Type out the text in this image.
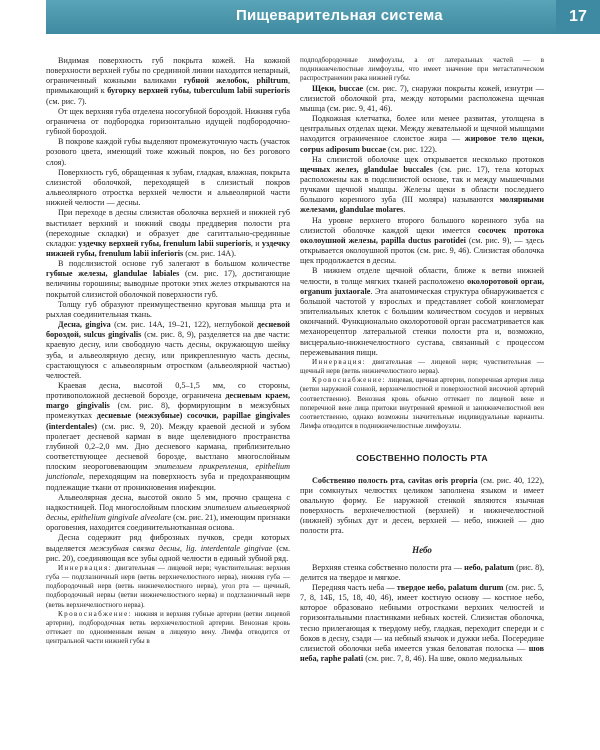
Пищеварительная система	17

Видимая поверхность губ покрыта кожей. На кожной поверхности верхней губы по срединной линии находится непарный, ограниченный кожными валиками губной желобок, philtrum, примыкающий к бугорку верхней губы, tuberculum labii superioris (см. рис. 7).

От щек верхняя губа отделена носогубной бороздой. Нижняя губа ограничена от подбородка горизонтально идущей подбородочно-губной бороздой.

В покрове каждой губы выделяют промежуточную часть (участок розового цвета, имеющий тоже кожный покров, но без рогового слоя).

Поверхность губ, обращенная к зубам, гладкая, влажная, покрыта слизистой оболочкой, переходящей в слизистый покров альвеолярного отростка верхней челюсти и альвеолярной части нижней челюсти — десны.

При переходе в десны слизистая оболочка верхней и нижней губ выстилает верхний и нижний своды преддверия полости рта (переходные складки) и образует две сагиттально-срединные складки: уздечку верхней губы, frenulum labii superioris, и уздечку нижней губы, frenulum labii inferioris (см. рис. 14А).

В подслизистой основе губ залегают в большом количестве губные железы, glandulae labiales (см. рис. 17), достигающие величины горошины; выводные протоки этих желез открываются на покрытой слизистой оболочкой поверхности губ.

Толщу губ образуют преимущественно круговая мышца рта и рыхлая соединительная ткань.

Десна, gingiva (см. рис. 14А, 19–21, 122), неглубокой десневой бороздой, sulcus gingivalis (см. рис. 8, 9), разделяется на две части: краевую десну, или свободную часть десны, окружающую шейку зуба, и альвеолярную десну, или прикрепленную часть десны, срастающуюся с альвеолярным отростком (альвеолярной частью) челюстей.

Краевая десна, высотой 0,5–1,5 мм, со стороны, противоположной десневой борозде, ограничена десневым краем, margo gingivalis (см. рис. 8), формирующим в межзубных промежутках десневые (межзубные) сосочки, papillae gingivales (interdentales) (см. рис. 9, 20). Между краевой десной и зубом пролегает десневой карман в виде щелевидного пространства глубиной 0,2–2,0 мм. Дно десневого кармана, приблизительно соответствующее десневой борозде, выстлано многослойным плоским неороговевающим эпителием прикрепления, epithelium junctionale, переходящим на поверхность зуба и предохраняющим подлежащие ткани от проникновения инфекции.

Альвеолярная десна, высотой около 5 мм, прочно сращена с надкостницей. Под многослойным плоским эпителием альвеолярной десны, epithelium gingivale alveolare (см. рис. 21), имеющим признаки ороговения, находится соединительнотканная основа.

Десна содержит ряд фиброзных пучков, среди которых выделяется межзубная связка десны, lig. interdentale gingivae (см. рис. 20), соединяющая все зубы одной челюсти в единый зубной ряд.

Иннервация: двигательная — лицевой нерв; чувствительная: верхняя губа — подглазничный нерв (ветвь верхнечелюстного нерва), нижняя губа — подбородочный нерв (ветвь нижнечелюстного нерва), угол рта — щечный, подбородочный нервы (ветви нижнечелюстного нерва) и подглазничный нерв (ветвь верхнечелюстного нерва).

Кровоснабжение: нижняя и верхняя губные артерии (ветви лицевой артерии), подбородочная ветвь верхнечелюстной артерии. Венозная кровь оттекает по одноименным венам в лицевую вену. Лимфа отводится от центральной части нижней губы в

подподбородочные лимфоузлы, а от латеральных частей — в поднижнечелюстные лимфоузлы, что имеет значение при метастатическом распространении рака нижней губы.

Щеки, buccae (см. рис. 7), снаружи покрыты кожей, изнутри — слизистой оболочкой рта, между которыми расположена щечная мышца (см. рис. 9, 41, 46).

Подкожная клетчатка, более или менее развитая, утолщена в центральных отделах щеки. Между жевательной и щечной мышцами находится ограниченное слоистое жира — жировое тело щеки, corpus adiposum buccae (см. рис. 122).

На слизистой оболочке щек открывается несколько протоков щечных желез, glandulae buccales (см. рис. 17), тела которых расположены как в подслизистой основе, так и между мышечными пучками щечной мышцы. Железы щеки в области последнего большого коренного зуба (III моляра) называются молярными железами, glandulae molares.

На уровне верхнего второго большого коренного зуба на слизистой оболочке каждой щеки имеется сосочек протока околоушной железы, papilla ductus parotidei (см. рис. 9), — здесь открывается околоушной проток (см. рис. 9, 46). Слизистая оболочка щек продолжается в десны.

В нижнем отделе щечной области, ближе к ветви нижней челюсти, в толще мягких тканей расположено околоротовой орган, organum juxtaorale. Эта анатомическая структура обнаруживается с большой частотой у взрослых и представляет собой конгломерат эпителиальных клеток с большим количеством сосудов и нервных окончаний. Функционально околоротовой орган рассматривается как механорецептор латеральной стенки полости рта и, возможно, висцерально-нижнечелюстного сустава, связанный с процессом пережевывания пищи.

Иннервация: двигательная — лицевой нерв; чувствительная — щечный нерв (ветвь нижнечелюстного нерва).

Кровоснабжение: лицевая, щечная артерии, поперечная артерия лица (ветви наружной сонной, верхнечелюстной и поверхностной височной артерий соответственно). Венозная кровь обычно оттекает по лицевой вене и поперечной вене лица притоки внутренней яремной и занижнечелюстной вен соответственно, однако возможны значительные индивидуальные варианты. Лимфа отводится в поднижнечелюстные лимфоузлы.

СОБСТВЕННО ПОЛОСТЬ РТА

Собственно полость рта, cavitas oris propria (см. рис. 40, 122), при сомкнутых челюстях целиком заполнена языком и имеет овальную форму. Ее наружной стенкой являются язычная поверхность верхнечелюстной (верхней) и нижнечелюстной (нижней) зубных дуг и десен, верхней — небо, нижней — дно полости рта.

Небо

Верхняя стенка собственно полости рта — небо, palatum (рис. 8), делится на твердое и мягкое.

Передняя часть неба — твердое небо, palatum durum (см. рис. 5, 7, 8, 14Б, 15, 18, 40, 46), имеет костную основу — костное небо, которое образовано небными отростками верхних челюстей и горизонтальными пластинками небных костей. Слизистая оболочка, тесно прилегающая к твердому небу, гладкая, переходит спереди и с боков в десну, сзади — на небный язычок и дужки неба. Посередине слизистой оболочки неба имеется узкая беловатая полоска — шов неба, raphe palati (см. рис. 7, 8, 46). На шве, около медиальных
